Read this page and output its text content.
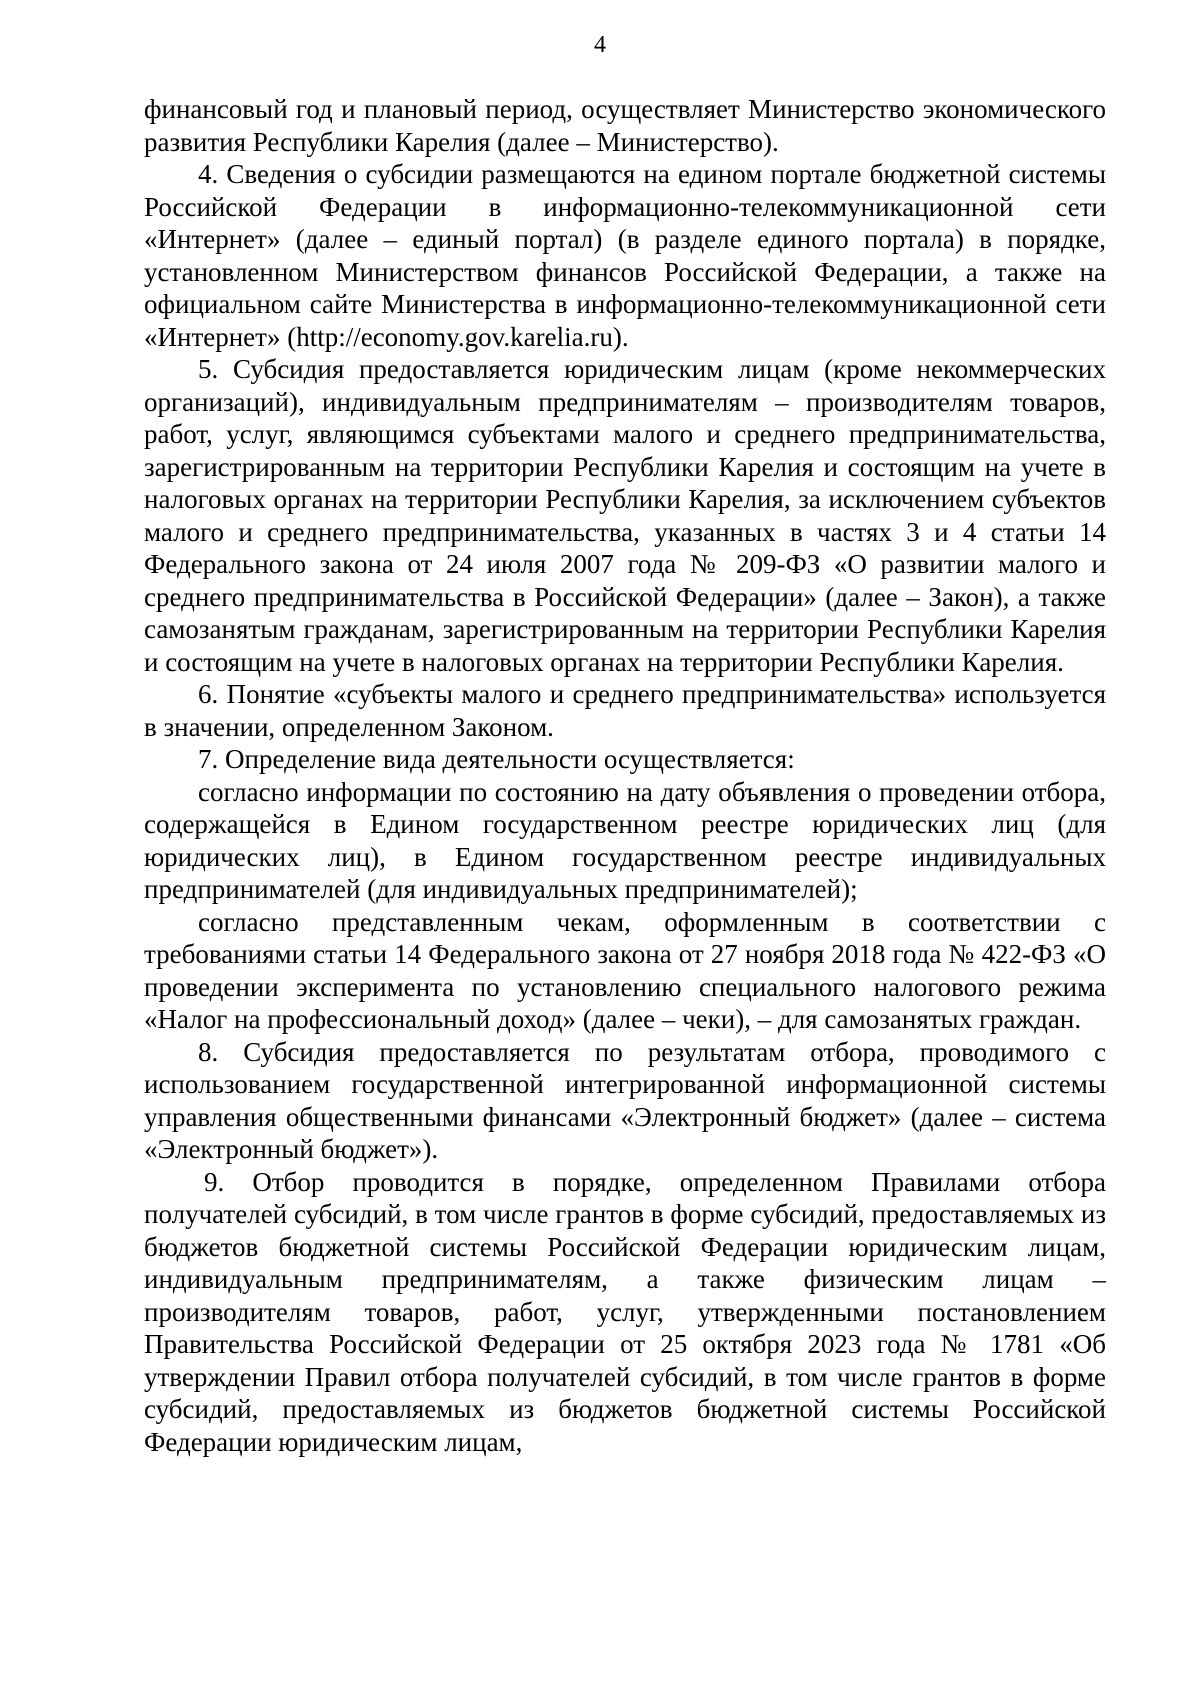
4

финансовый год и плановый период, осуществляет Министерство экономического развития Республики Карелия (далее – Министерство).

4. Сведения о субсидии размещаются на едином портале бюджетной системы Российской Федерации в информационно-телекоммуникационной сети «Интернет» (далее – единый портал) (в разделе единого портала) в порядке, установленном Министерством финансов Российской Федерации, а также на официальном сайте Министерства в информационно-телекоммуникационной сети «Интернет» (http://economy.gov.karelia.ru).

5. Субсидия предоставляется юридическим лицам (кроме некоммерческих организаций), индивидуальным предпринимателям – производителям товаров, работ, услуг, являющимся субъектами малого и среднего предпринимательства, зарегистрированным на территории Республики Карелия и состоящим на учете в налоговых органах на территории Республики Карелия, за исключением субъектов малого и среднего предпринимательства, указанных в частях 3 и 4 статьи 14 Федерального закона от 24 июля 2007 года № 209-ФЗ «О развитии малого и среднего предпринимательства в Российской Федерации» (далее – Закон), а также самозанятым гражданам, зарегистрированным на территории Республики Карелия и состоящим на учете в налоговых органах на территории Республики Карелия.

6. Понятие «субъекты малого и среднего предпринимательства» используется в значении, определенном Законом.

7. Определение вида деятельности осуществляется:

согласно информации по состоянию на дату объявления о проведении отбора, содержащейся в Едином государственном реестре юридических лиц (для юридических лиц), в Едином государственном реестре индивидуальных предпринимателей (для индивидуальных предпринимателей);

согласно представленным чекам, оформленным в соответствии с требованиями статьи 14 Федерального закона от 27 ноября 2018 года № 422-ФЗ «О проведении эксперимента по установлению специального налогового режима «Налог на профессиональный доход» (далее – чеки), – для самозанятых граждан.

8. Субсидия предоставляется по результатам отбора, проводимого с использованием государственной интегрированной информационной системы управления общественными финансами «Электронный бюджет» (далее – система «Электронный бюджет»).

9. Отбор проводится в порядке, определенном Правилами отбора получателей субсидий, в том числе грантов в форме субсидий, предоставляемых из бюджетов бюджетной системы Российской Федерации юридическим лицам, индивидуальным предпринимателям, а также физическим лицам – производителям товаров, работ, услуг, утвержденными постановлением Правительства Российской Федерации от 25 октября 2023 года № 1781 «Об утверждении Правил отбора получателей субсидий, в том числе грантов в форме субсидий, предоставляемых из бюджетов бюджетной системы Российской Федерации юридическим лицам,
